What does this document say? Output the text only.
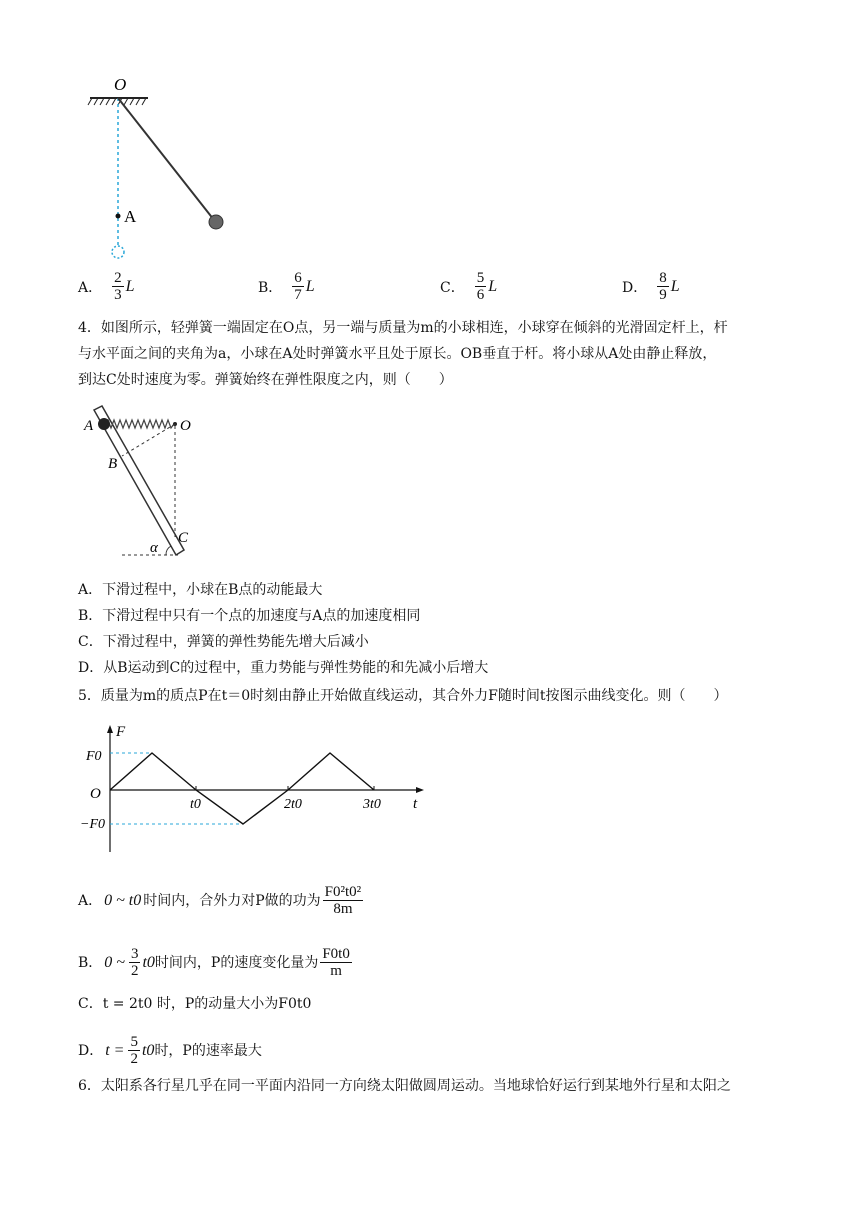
O
A
A． $\frac{2}{3}$ L	B． $\frac{6}{7}$ L	C． $\frac{5}{6}$ L	D． $\frac{8}{9}$ L
4．如图所示，轻弹簧一端固定在O点，另一端与质量为m的小球相连，小球穿在倾斜的光滑固定杆上，杆
与水平面之间的夹角为a，小球在A处时弹簧水平且处于原长。OB垂直于杆。将小球从A处由静止释放，
到达C处时速度为零。弹簧始终在弹性限度之内，则（　　）
A	O
B
C
α
A．下滑过程中，小球在B点的动能最大
B．下滑过程中只有一个点的加速度与A点的加速度相同
C．下滑过程中，弹簧的弹性势能先增大后减小
D．从B运动到C的过程中，重力势能与弹性势能的和先减小后增大
5．质量为m的质点P在t＝0时刻由静止开始做直线运动，其合外力F随时间t按图示曲线变化。则（　　）
F
t
O
F0
−F0
t0	2t0	3t0
A． 0 ~ t0 时间内，合外力对P做的功为 $\frac{\text{F0²t0²}}{8m}$
B． 0 ~ $\frac{3}{2} t0$ 时间内，P的速度变化量为 $\frac{F0t0}{m}$
C．t = 2t0 时，P的动量大小为F0t0
D． $t = \frac{5}{2} t0$ 时，P的速率最大
6．太阳系各行星几乎在同一平面内沿同一方向绕太阳做圆周运动。当地球恰好运行到某地外行星和太阳之
